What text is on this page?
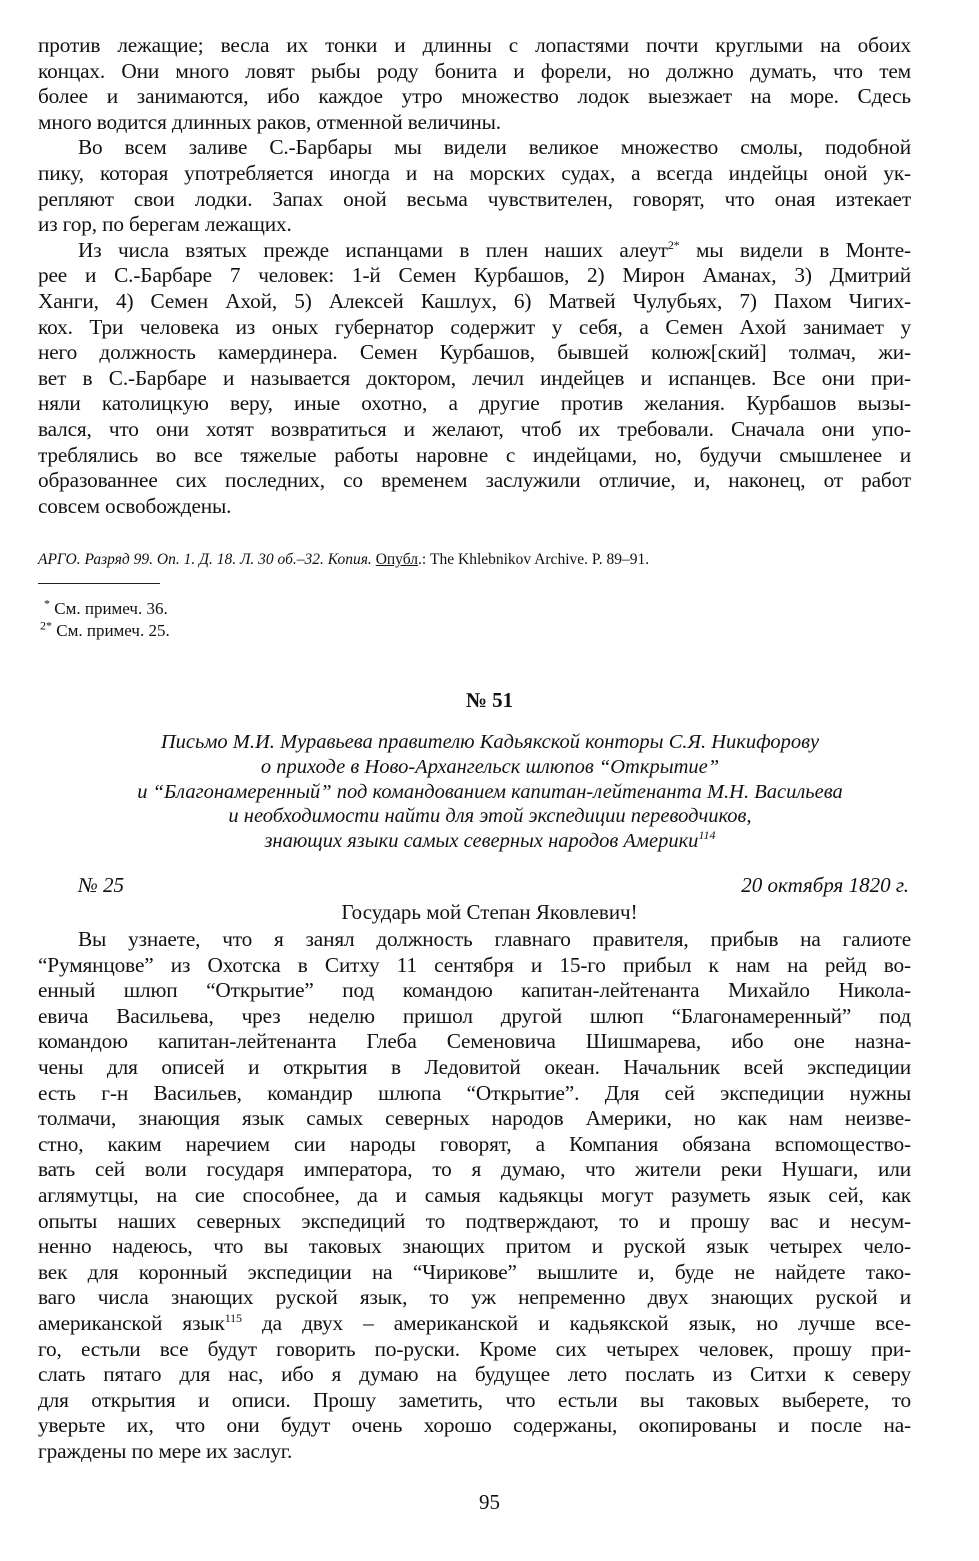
против лежащие; весла их тонки и длинны с лопастями почти круглыми на обоих
концах. Они много ловят рыбы роду бонита и форели, но должно думать, что тем
более и занимаются, ибо каждое утро множество лодок выезжает на море. Сдесь
много водится длинных раков, отменной величины.

Во всем заливе С.-Барбары мы видели великое множество смолы, подобной
пику, которая употребляется иногда и на морских судах, а всегда индейцы оной ук-
репляют свои лодки. Запах оной весьма чувствителен, говорят, что оная изтекает
из гор, по берегам лежащих.

Из числа взятых прежде испанцами в плен наших алеут$^{2*}$ мы видели в Монте-
рее и С.-Барбаре 7 человек: 1-й Семен Курбашов, 2) Мирон Аманах, 3) Дмитрий
Ханги, 4) Семен Ахой, 5) Алексей Кашлух, 6) Матвей Чулубьях, 7) Пахом Чигих-
кох. Три человека из оных губернатор содержит у себя, а Семен Ахой занимает у
него должность камердинера. Семен Курбашов, бывшей колюж[ский] толмач, жи-
вет в С.-Барбаре и называется доктором, лечил индейцев и испанцев. Все они при-
няли католицкую веру, иные охотно, а другие против желания. Курбашов вызы-
вался, что они хотят возвратиться и желают, чтоб их требовали. Сначала они упо-
треблялись во все тяжелые работы наровне с индейцами, но, будучи смышленее и
образованнее сих последних, со временем заслужили отличие, и, наконец, от работ
совсем освобождены.

АРГО. Разряд 99. Оп. 1. Д. 18. Л. 30 об.–32. Копия. Опубл.: The Khlebnikov Archive. P. 89–91.
* См. примеч. 36.
$^{2*}$ См. примеч. 25.
№ 51
Письмо М.И. Муравьева правителю Кадьякской конторы С.Я. Никифорову
о приходе в Ново-Архангельск шлюпов “Открытие”
и “Благонамеренный” под командованием капитан-лейтенанта М.Н. Васильева
и необходимости найти для этой экспедиции переводчиков,
знающих языки самых северных народов Америки$^{114}$
№ 25	20 октября 1820 г.
Государь мой Степан Яковлевич!

Вы узнаете, что я занял должность главнаго правителя, прибыв на галиоте
“Румянцове” из Охотска в Ситху 11 сентября и 15-го прибыл к нам на рейд во-
енный шлюп “Открытие” под командою капитан-лейтенанта Михайло Никола-
евича Васильева, чрез неделю пришол другой шлюп “Благонамеренный” под
командою капитан-лейтенанта Глеба Семеновича Шишмарева, ибо оне назна-
чены для описей и открытия в Ледовитой океан. Начальник всей экспедиции
есть г-н Васильев, командир шлюпа “Открытие”. Для сей экспедиции нужны
толмачи, знающия язык самых северных народов Америки, но как нам неизве-
стно, каким наречием сии народы говорят, а Компания обязана вспомоществo-
вать сей воли государя императора, то я думаю, что жители реки Нушаги, или
аглямутцы, на сие способнее, да и самыя кадьякцы могут разуметь язык сей, как
опыты наших северных экспедиций то подтверждают, то и прошу вас и несум-
ненно надеюсь, что вы таковых знающих притом и рускoй язык четырех чело-
век для коронный экспедиции на “Чирикове” вышлите и, буде не найдете тако-
ваго числа знающих рускoй язык, то уж непременно двух знающих рускoй и
американской язык$^{115}$ да двух – американской и кадьякской язык, но лучше все-
го, естьли все будут говорить по-руски. Кроме сих четырех человек, прошу при-
слать пятаго для нас, ибо я думаю на будущее лето послать из Ситхи к северу
для открытия и описи. Прошу заметить, что естьли вы таковых выберете, то
уверьте их, что они будут очень хорошо содержаны, окопированы и после на-
граждены по мере их заслуг.

95
